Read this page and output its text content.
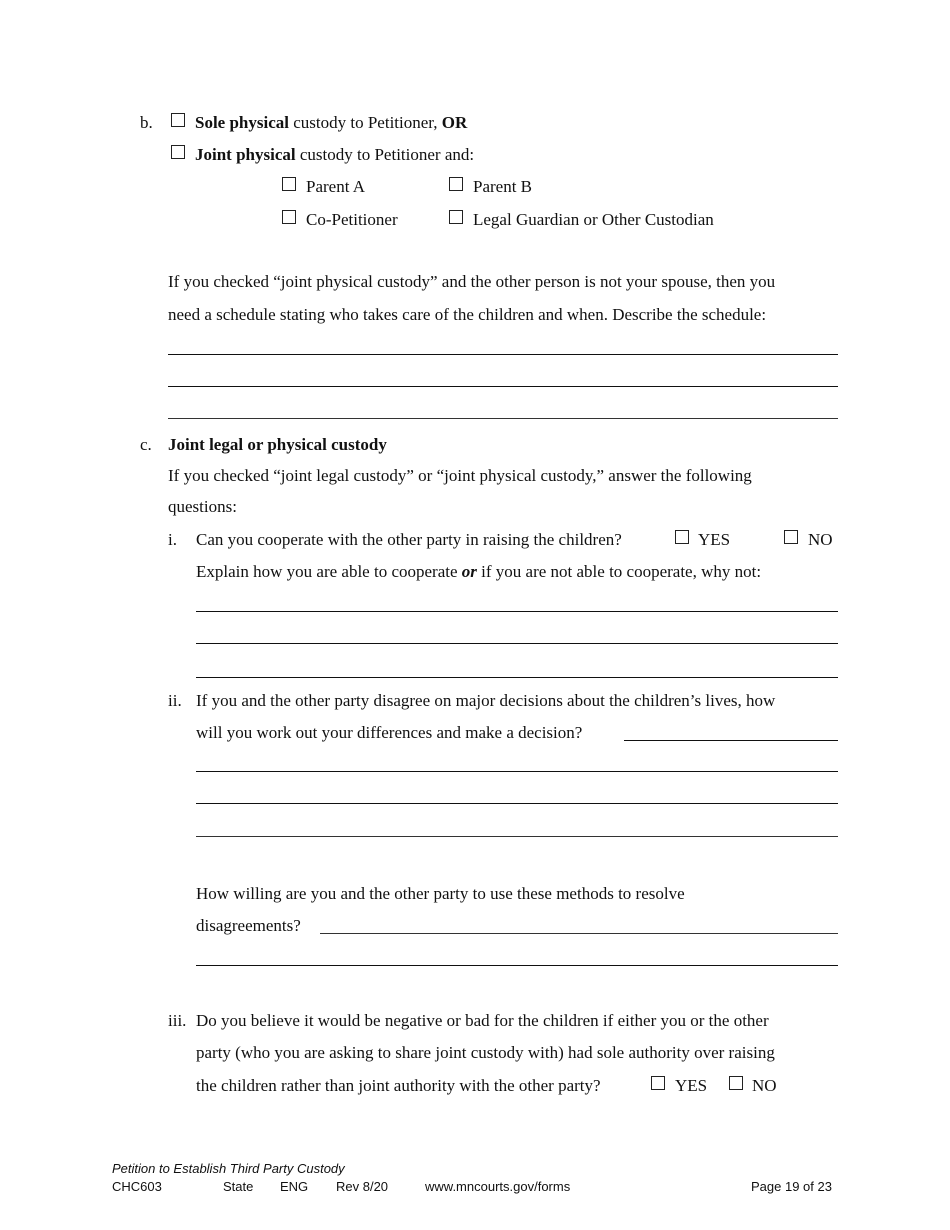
b. Sole physical custody to Petitioner, OR
Joint physical custody to Petitioner and:
Parent A	Parent B
Co-Petitioner	Legal Guardian or Other Custodian
If you checked “joint physical custody” and the other person is not your spouse, then you
need a schedule stating who takes care of the children and when. Describe the schedule:
c. Joint legal or physical custody
If you checked “joint legal custody” or “joint physical custody,” answer the following
questions:
i. Can you cooperate with the other party in raising the children?	YES	NO
Explain how you are able to cooperate or if you are not able to cooperate, why not:
ii. If you and the other party disagree on major decisions about the children’s lives, how
will you work out your differences and make a decision?
How willing are you and the other party to use these methods to resolve
disagreements?
iii. Do you believe it would be negative or bad for the children if either you or the other
party (who you are asking to share joint custody with) had sole authority over raising
the children rather than joint authority with the other party?	YES	NO
Petition to Establish Third Party Custody
CHC603	State ENG Rev 8/20	www.mncourts.gov/forms	Page 19 of 23
